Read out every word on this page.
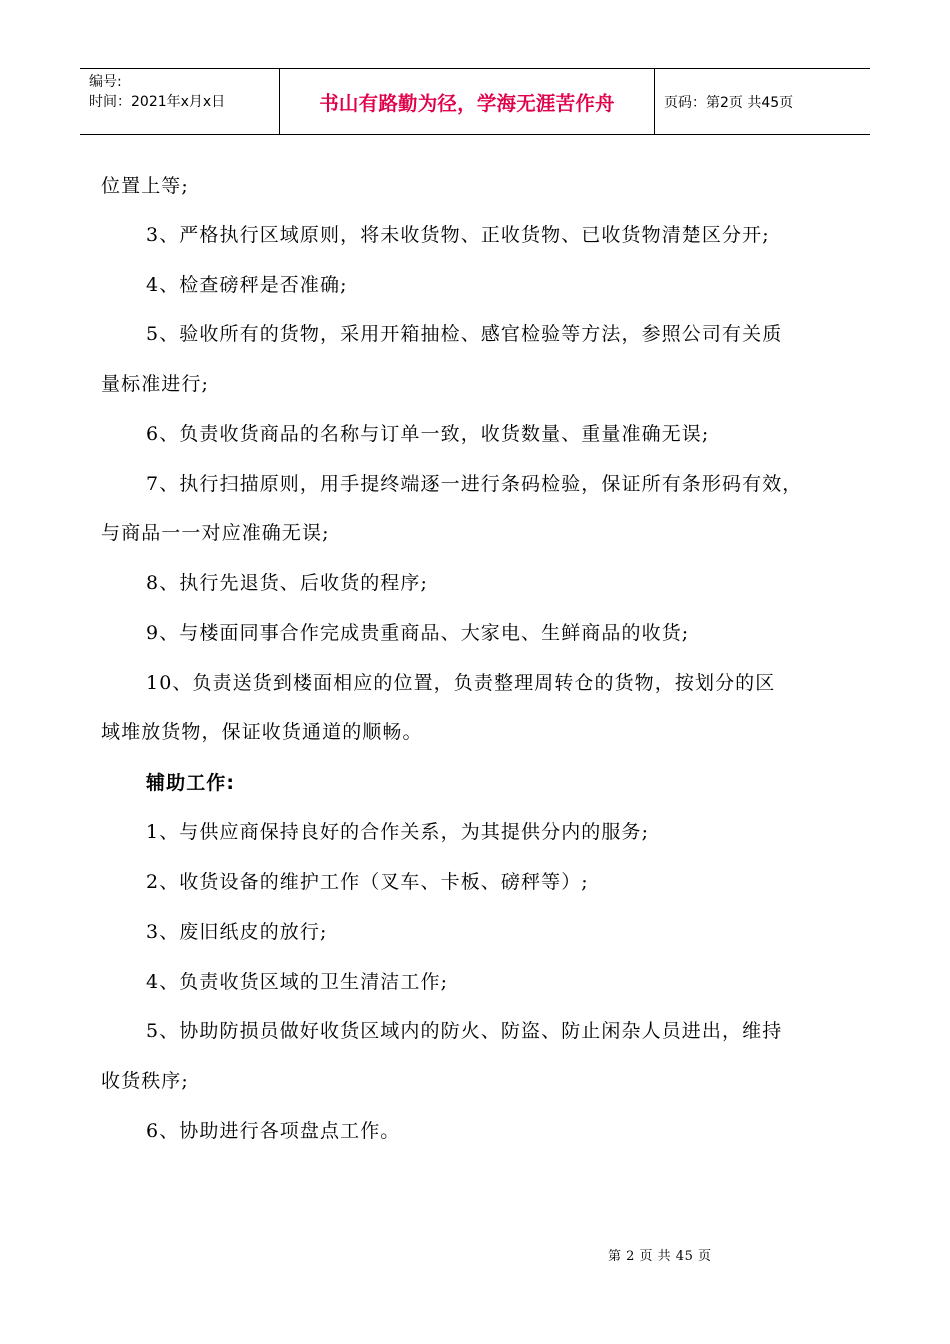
编号:
时间：2021年x月x日	书山有路勤为径，学海无涯苦作舟	页码：第2页 共45页
位置上等;
3、严格执行区域原则，将未收货物、正收货物、已收货物清楚区分开;
4、检查磅秤是否准确;
5、验收所有的货物，采用开箱抽检、感官检验等方法，参照公司有关质
量标准进行;
6、负责收货商品的名称与订单一致，收货数量、重量准确无误;
7、执行扫描原则，用手提终端逐一进行条码检验，保证所有条形码有效，
与商品一一对应准确无误;
8、执行先退货、后收货的程序;
9、与楼面同事合作完成贵重商品、大家电、生鲜商品的收货;
10、负责送货到楼面相应的位置，负责整理周转仓的货物，按划分的区
域堆放货物，保证收货通道的顺畅。
辅助工作:
1、与供应商保持良好的合作关系，为其提供分内的服务;
2、收货设备的维护工作（叉车、卡板、磅秤等）;
3、废旧纸皮的放行;
4、负责收货区域的卫生清洁工作;
5、协助防损员做好收货区域内的防火、防盗、防止闲杂人员进出，维持
收货秩序;
6、协助进行各项盘点工作。
第 2 页 共 45 页
